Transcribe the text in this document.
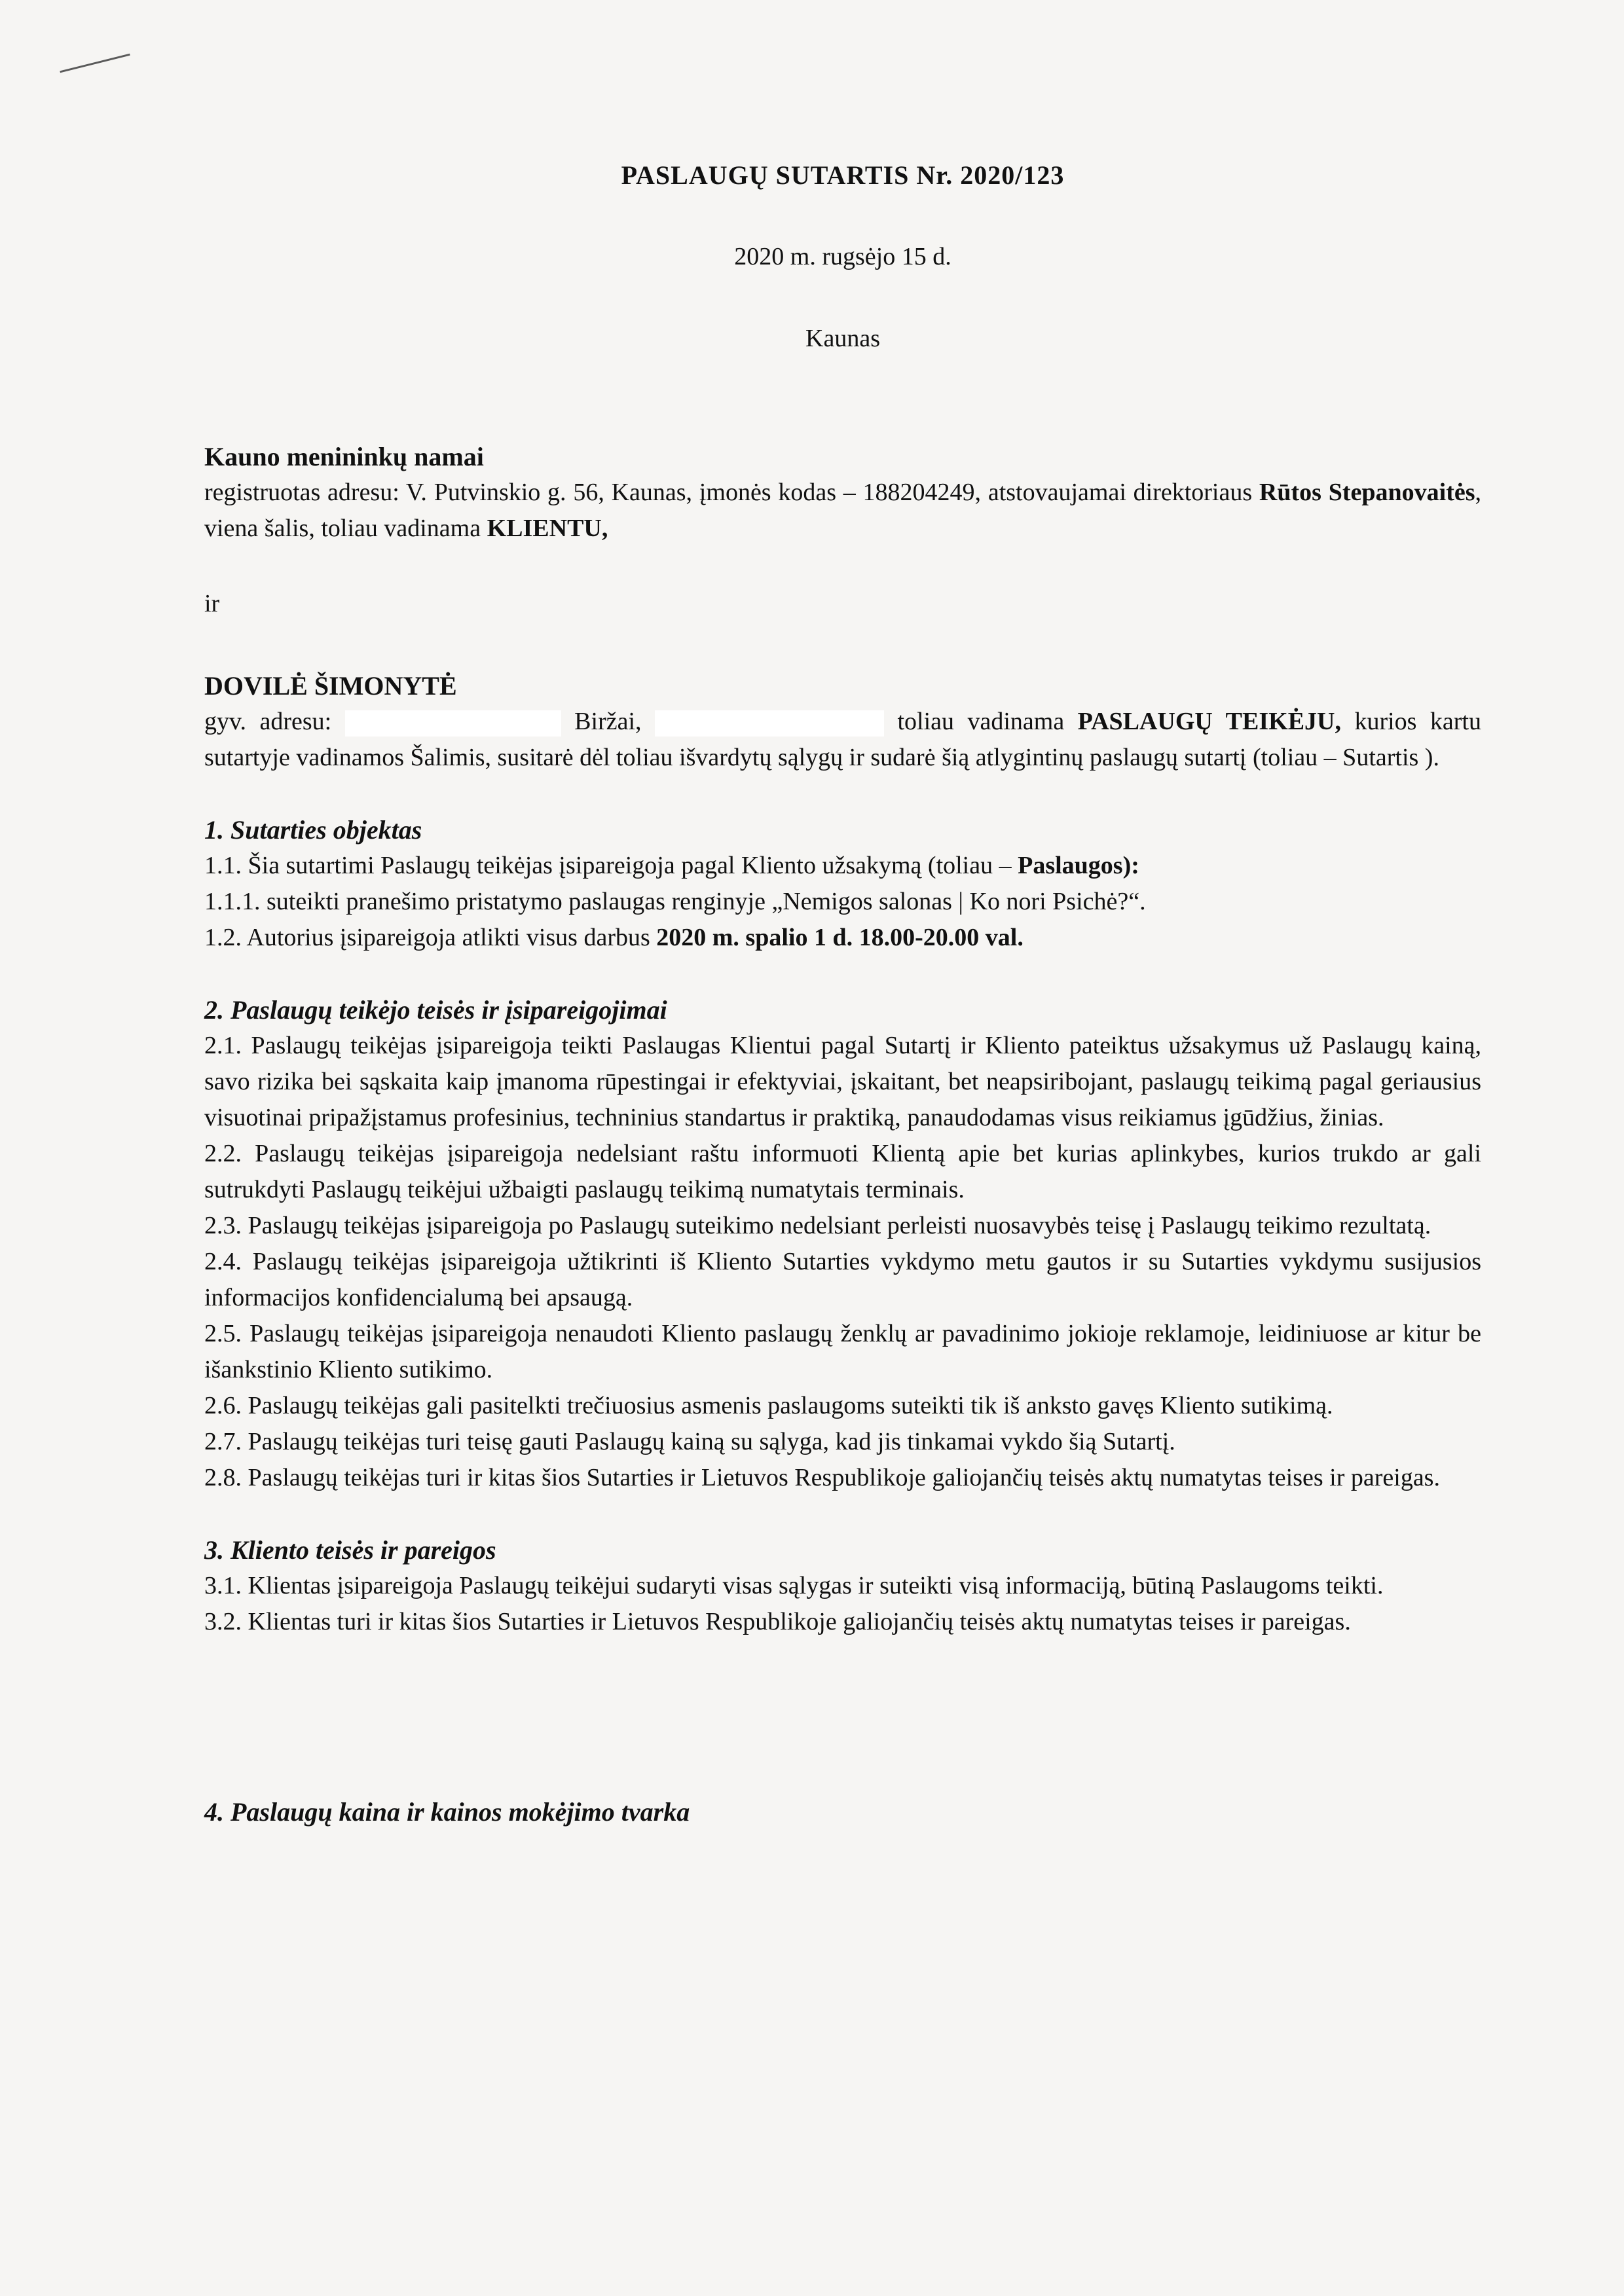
PASLAUGŲ SUTARTIS Nr. 2020/123
2020 m. rugsėjo 15 d.
Kaunas
Kauno menininkų namai
registruotas adresu: V. Putvinskio g. 56, Kaunas, įmonės kodas – 188204249, atstovaujamai direktoriaus Rūtos Stepanovaitės, viena šalis, toliau vadinama KLIENTU,
ir
DOVILĖ ŠIMONYTĖ
gyv. adresu:	Biržai,	toliau vadinama PASLAUGŲ TEIKĖJU, kurios kartu sutartyje vadinamos Šalimis, susitarė dėl toliau išvardytų sąlygų ir sudarė šią atlygintinų paslaugų sutartį (toliau – Sutartis ).
1. Sutarties objektas
1.1. Šia sutartimi Paslaugų teikėjas įsipareigoja pagal Kliento užsakymą (toliau – Paslaugos):
1.1.1. suteikti pranešimo pristatymo paslaugas renginyje „Nemigos salonas | Ko nori Psichė?“.
1.2. Autorius įsipareigoja atlikti visus darbus 2020 m. spalio 1 d. 18.00-20.00 val.
2. Paslaugų teikėjo teisės ir įsipareigojimai
2.1. Paslaugų teikėjas įsipareigoja teikti Paslaugas Klientui pagal Sutartį ir Kliento pateiktus užsakymus už Paslaugų kainą, savo rizika bei sąskaita kaip įmanoma rūpestingai ir efektyviai, įskaitant, bet neapsiribojant, paslaugų teikimą pagal geriausius visuotinai pripažįstamus profesinius, techninius standartus ir praktiką, panaudodamas visus reikiamus įgūdžius, žinias.
2.2. Paslaugų teikėjas įsipareigoja nedelsiant raštu informuoti Klientą apie bet kurias aplinkybes, kurios trukdo ar gali sutrukdyti Paslaugų teikėjui užbaigti paslaugų teikimą numatytais terminais.
2.3. Paslaugų teikėjas įsipareigoja po Paslaugų suteikimo nedelsiant perleisti nuosavybės teisę į Paslaugų teikimo rezultatą.
2.4. Paslaugų teikėjas įsipareigoja užtikrinti iš Kliento Sutarties vykdymo metu gautos ir su Sutarties vykdymu susijusios informacijos konfidencialumą bei apsaugą.
2.5. Paslaugų teikėjas įsipareigoja nenaudoti Kliento paslaugų ženklų ar pavadinimo jokioje reklamoje, leidiniuose ar kitur be išankstinio Kliento sutikimo.
2.6. Paslaugų teikėjas gali pasitelkti trečiuosius asmenis paslaugoms suteikti tik iš anksto gavęs Kliento sutikimą.
2.7. Paslaugų teikėjas turi teisę gauti Paslaugų kainą su sąlyga, kad jis tinkamai vykdo šią Sutartį.
2.8. Paslaugų teikėjas turi ir kitas šios Sutarties ir Lietuvos Respublikoje galiojančių teisės aktų numatytas teises ir pareigas.
3. Kliento teisės ir pareigos
3.1. Klientas įsipareigoja Paslaugų teikėjui sudaryti visas sąlygas ir suteikti visą informaciją, būtiną Paslaugoms teikti.
3.2. Klientas turi ir kitas šios Sutarties ir Lietuvos Respublikoje galiojančių teisės aktų numatytas teises ir pareigas.
4. Paslaugų kaina ir kainos mokėjimo tvarka
